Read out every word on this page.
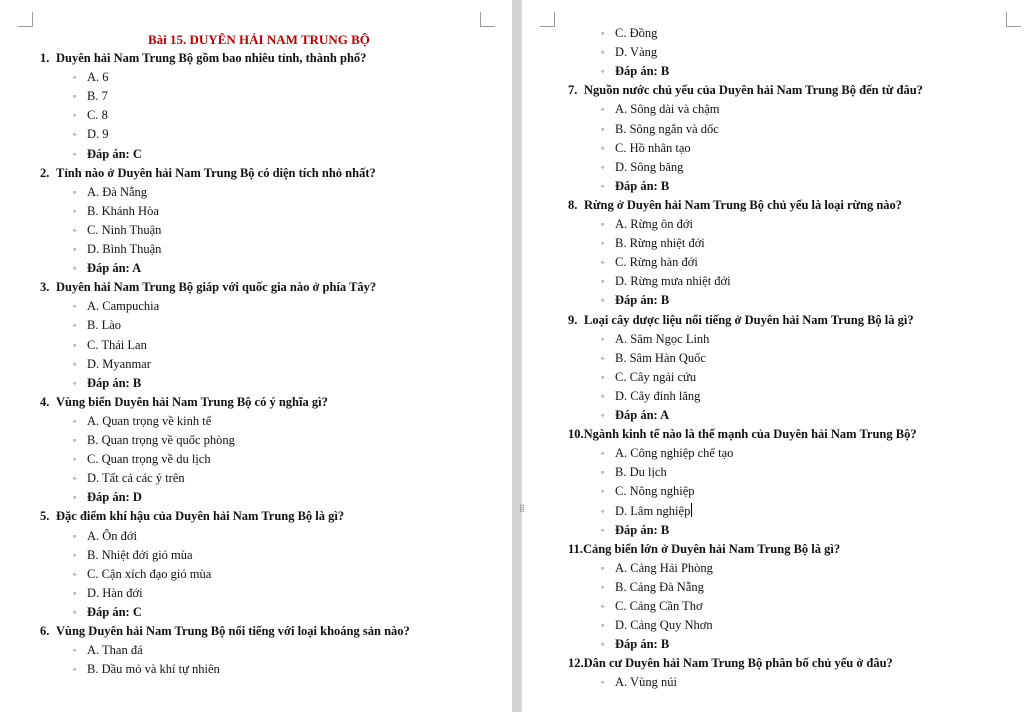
Bài 15. DUYÊN HẢI NAM TRUNG BỘ
1. Duyên hải Nam Trung Bộ gồm bao nhiêu tỉnh, thành phố?
◦ A. 6
◦ B. 7
◦ C. 8
◦ D. 9
◦ Đáp án: C
2. Tỉnh nào ở Duyên hải Nam Trung Bộ có diện tích nhỏ nhất?
◦ A. Đà Nẵng
◦ B. Khánh Hòa
◦ C. Ninh Thuận
◦ D. Bình Thuận
◦ Đáp án: A
3. Duyên hải Nam Trung Bộ giáp với quốc gia nào ở phía Tây?
◦ A. Campuchia
◦ B. Lào
◦ C. Thái Lan
◦ D. Myanmar
◦ Đáp án: B
4. Vùng biển Duyên hải Nam Trung Bộ có ý nghĩa gì?
◦ A. Quan trọng về kinh tế
◦ B. Quan trọng về quốc phòng
◦ C. Quan trọng về du lịch
◦ D. Tất cả các ý trên
◦ Đáp án: D
5. Đặc điểm khí hậu của Duyên hải Nam Trung Bộ là gì?
◦ A. Ôn đới
◦ B. Nhiệt đới gió mùa
◦ C. Cận xích đạo gió mùa
◦ D. Hàn đới
◦ Đáp án: C
6. Vùng Duyên hải Nam Trung Bộ nổi tiếng với loại khoáng sản nào?
◦ A. Than đá
◦ B. Dầu mỏ và khí tự nhiên
◦ C. Đồng
◦ D. Vàng
◦ Đáp án: B
7. Nguồn nước chủ yếu của Duyên hải Nam Trung Bộ đến từ đâu?
◦ A. Sông dài và chậm
◦ B. Sông ngắn và dốc
◦ C. Hồ nhân tạo
◦ D. Sông băng
◦ Đáp án: B
8. Rừng ở Duyên hải Nam Trung Bộ chủ yếu là loại rừng nào?
◦ A. Rừng ôn đới
◦ B. Rừng nhiệt đới
◦ C. Rừng hàn đới
◦ D. Rừng mưa nhiệt đới
◦ Đáp án: B
9. Loại cây dược liệu nổi tiếng ở Duyên hải Nam Trung Bộ là gì?
◦ A. Sâm Ngọc Linh
◦ B. Sâm Hàn Quốc
◦ C. Cây ngải cứu
◦ D. Cây đinh lăng
◦ Đáp án: A
10.Ngành kinh tế nào là thế mạnh của Duyên hải Nam Trung Bộ?
◦ A. Công nghiệp chế tạo
◦ B. Du lịch
◦ C. Nông nghiệp
◦ D. Lâm nghiệp
◦ Đáp án: B
11.Cảng biển lớn ở Duyên hải Nam Trung Bộ là gì?
◦ A. Cảng Hải Phòng
◦ B. Cảng Đà Nẵng
◦ C. Cảng Cần Thơ
◦ D. Cảng Quy Nhơn
◦ Đáp án: B
12.Dân cư Duyên hải Nam Trung Bộ phân bố chủ yếu ở đâu?
◦ A. Vùng núi
⁞⁞
